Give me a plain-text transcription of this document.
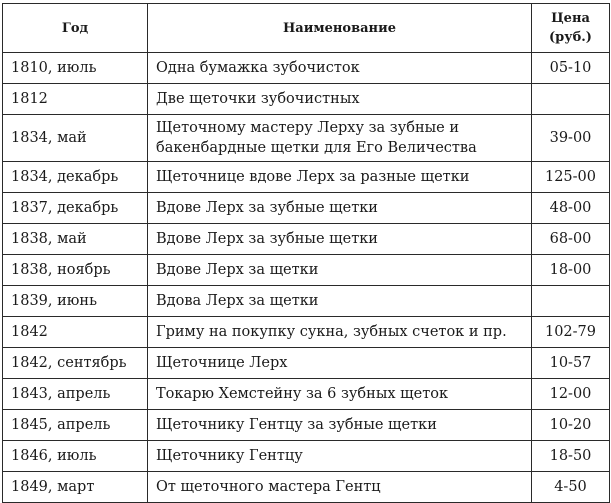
Год	Наименование	Цена
(руб.)

1810, июль	Одна бумажка зубочисток	05-10
1812	Две щеточки зубочистных	
1834, май	Щеточному мастеру Лерху за зубные и бакенбардные щетки для Его Величества	39-00
1834, декабрь	Щеточнице вдове Лерх за разные щетки	125-00
1837, декабрь	Вдове Лерх за зубные щетки	48-00
1838, май	Вдове Лерх за зубные щетки	68-00
1838, ноябрь	Вдове Лерх за щетки	18-00
1839, июнь	Вдова Лерх за щетки	
1842	Гриму на покупку сукна, зубных счеток и пр.	102-79
1842, сентябрь	Щеточнице Лерх	10-57
1843, апрель	Токарю Хемстейну за 6 зубных щеток	12-00
1845, апрель	Щеточнику Гентцу за зубные щетки	10-20
1846, июль	Щеточнику Гентцу	18-50
1849, март	От щеточного мастера Гентц	4-50
